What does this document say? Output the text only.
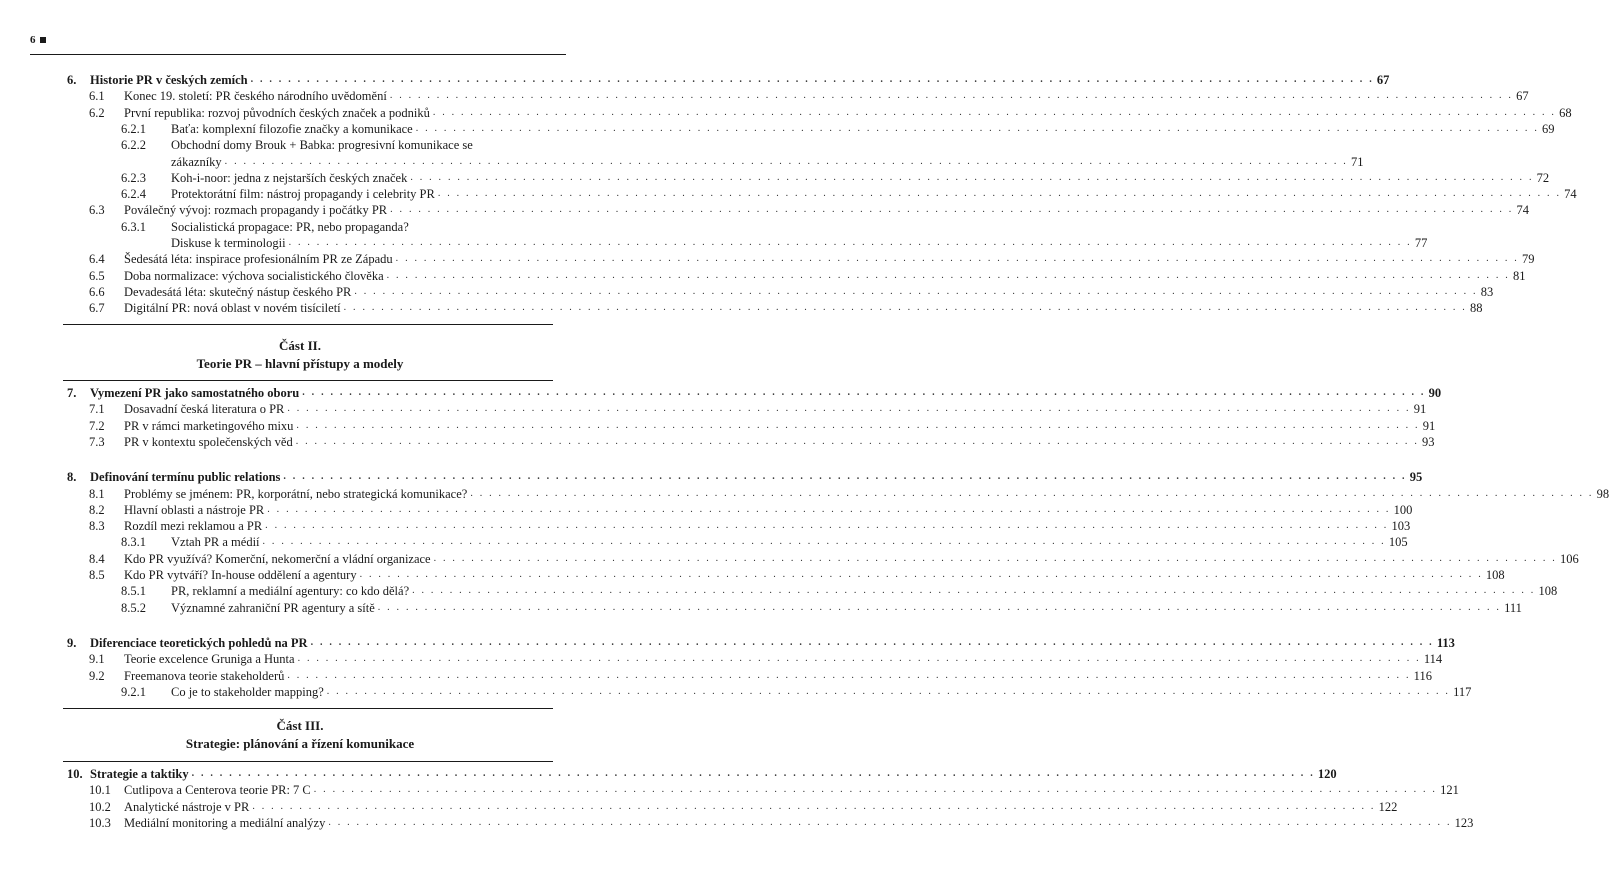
6
6. Historie PR v českých zemích . . . . . . . . . . . . . . . . . . . . . . . . . . . . . . . . . . . . . . . . . . . . . . . . . . . . . . . . . . . . . . . . . . . . . . . . . . . . . . . . . . . . . . . . . . . . . . . . . . . . . . . . . . . . . . . . . . . . . . . . 67
6.1 Konec 19. století: PR českého národního uvědomění . . . . . . . . . . . . . . . . . . . . . . . . . . . . . . . . . . . . . . . . . . . . . . . . . . . . . . . . . . . . . . . . . . . . . . . . . . . . . . . . . . . . . . . . . . . . . . . . . . . . . . . . . . . . . . . . . . . . . . . . 67
6.2 První republika: rozvoj původních českých značek a podniků . . . . . . . . . . . . . . . . . . . . . . . . . . . . . . . . . . . . . . . . . . . . . . . . . . . . . . . . . . . . . . . . . . . . . . . . . . . . . . . . . . . . . . . . . . . . . . . . . . . . . . . . . . . . . . . . . . . . . . . . 68
6.2.1 Baťa: komplexní filozofie značky a komunikace . . . . . . . . . . . . . . . . . . . . . . . . . . . . . . . . . . . . . . . . . . . . . . . . . . . . . . . . . . . . . . . . . . . . . . . . . . . . . . . . . . . . . . . . . . . . . . . . . . . . . . . . . . . . . . . . . . . . . . . . 69
6.2.2 Obchodní domy Brouk + Babka: progresivní komunikace se
zákazníky . . . . . . . . . . . . . . . . . . . . . . . . . . . . . . . . . . . . . . . . . . . . . . . . . . . . . . . . . . . . . . . . . . . . . . . . . . . . . . . . . . . . . . . . . . . . . . . . . . . . . . . . . . . . . . . . . . . . . . . . 71
6.2.3 Koh-i-noor: jedna z nejstarších českých značek . . . . . . . . . . . . . . . . . . . . . . . . . . . . . . . . . . . . . . . . . . . . . . . . . . . . . . . . . . . . . . . . . . . . . . . . . . . . . . . . . . . . . . . . . . . . . . . . . . . . . . . . . . . . . . . . . . . . . . . . 72
6.2.4 Protektorátní film: nástroj propagandy i celebrity PR . . . . . . . . . . . . . . . . . . . . . . . . . . . . . . . . . . . . . . . . . . . . . . . . . . . . . . . . . . . . . . . . . . . . . . . . . . . . . . . . . . . . . . . . . . . . . . . . . . . . . . . . . . . . . . . . . . . . . . . . 74
6.3 Poválečný vývoj: rozmach propagandy i počátky PR . . . . . . . . . . . . . . . . . . . . . . . . . . . . . . . . . . . . . . . . . . . . . . . . . . . . . . . . . . . . . . . . . . . . . . . . . . . . . . . . . . . . . . . . . . . . . . . . . . . . . . . . . . . . . . . . . . . . . . . . 74
6.3.1 Socialistická propagace: PR, nebo propaganda?
Diskuse k terminologii . . . . . . . . . . . . . . . . . . . . . . . . . . . . . . . . . . . . . . . . . . . . . . . . . . . . . . . . . . . . . . . . . . . . . . . . . . . . . . . . . . . . . . . . . . . . . . . . . . . . . . . . . . . . . . . . . . . . . . . . 77
6.4 Šedesátá léta: inspirace profesionálním PR ze Západu . . . . . . . . . . . . . . . . . . . . . . . . . . . . . . . . . . . . . . . . . . . . . . . . . . . . . . . . . . . . . . . . . . . . . . . . . . . . . . . . . . . . . . . . . . . . . . . . . . . . . . . . . . . . . . . . . . . . . . . . 79
6.5 Doba normalizace: výchova socialistického člověka . . . . . . . . . . . . . . . . . . . . . . . . . . . . . . . . . . . . . . . . . . . . . . . . . . . . . . . . . . . . . . . . . . . . . . . . . . . . . . . . . . . . . . . . . . . . . . . . . . . . . . . . . . . . . . . . . . . . . . . . 81
6.6 Devadesátá léta: skutečný nástup českého PR . . . . . . . . . . . . . . . . . . . . . . . . . . . . . . . . . . . . . . . . . . . . . . . . . . . . . . . . . . . . . . . . . . . . . . . . . . . . . . . . . . . . . . . . . . . . . . . . . . . . . . . . . . . . . . . . . . . . . . . . 83
6.7 Digitální PR: nová oblast v novém tisíciletí . . . . . . . . . . . . . . . . . . . . . . . . . . . . . . . . . . . . . . . . . . . . . . . . . . . . . . . . . . . . . . . . . . . . . . . . . . . . . . . . . . . . . . . . . . . . . . . . . . . . . . . . . . . . . . . . . . . . . . . . 88
Část II.
Teorie PR – hlavní přístupy a modely
7. Vymezení PR jako samostatného oboru . . . . . . . . . . . . . . . . . . . . . . . . . . . . . . . . . . . . . . . . . . . . . . . . . . . . . . . . . . . . . . . . . . . . . . . . . . . . . . . . . . . . . . . . . . . . . . . . . . . . . . . . . . . . . . . . . . . . . . . . 90
7.1 Dosavadní česká literatura o PR . . . . . . . . . . . . . . . . . . . . . . . . . . . . . . . . . . . . . . . . . . . . . . . . . . . . . . . . . . . . . . . . . . . . . . . . . . . . . . . . . . . . . . . . . . . . . . . . . . . . . . . . . . . . . . . . . . . . . . . . 91
7.2 PR v rámci marketingového mixu . . . . . . . . . . . . . . . . . . . . . . . . . . . . . . . . . . . . . . . . . . . . . . . . . . . . . . . . . . . . . . . . . . . . . . . . . . . . . . . . . . . . . . . . . . . . . . . . . . . . . . . . . . . . . . . . . . . . . . . . 91
7.3 PR v kontextu společenských věd . . . . . . . . . . . . . . . . . . . . . . . . . . . . . . . . . . . . . . . . . . . . . . . . . . . . . . . . . . . . . . . . . . . . . . . . . . . . . . . . . . . . . . . . . . . . . . . . . . . . . . . . . . . . . . . . . . . . . . . . 93
8. Definování termínu public relations . . . . . . . . . . . . . . . . . . . . . . . . . . . . . . . . . . . . . . . . . . . . . . . . . . . . . . . . . . . . . . . . . . . . . . . . . . . . . . . . . . . . . . . . . . . . . . . . . . . . . . . . . . . . . . . . . . . . . . . . 95
8.1 Problémy se jménem: PR, korporátní, nebo strategická komunikace? . . . . . . . . . . . . . . . . . . . . . . . . . . . . . . . . . . . . . . . . . . . . . . . . . . . . . . . . . . . . . . . . . . . . . . . . . . . . . . . . . . . . . . . . . . . . . . . . . . . . . . . . . . . . . . . . . . . . . . . . 98
8.2 Hlavní oblasti a nástroje PR . . . . . . . . . . . . . . . . . . . . . . . . . . . . . . . . . . . . . . . . . . . . . . . . . . . . . . . . . . . . . . . . . . . . . . . . . . . . . . . . . . . . . . . . . . . . . . . . . . . . . . . . . . . . . . . . . . . . . . . . 100
8.3 Rozdíl mezi reklamou a PR . . . . . . . . . . . . . . . . . . . . . . . . . . . . . . . . . . . . . . . . . . . . . . . . . . . . . . . . . . . . . . . . . . . . . . . . . . . . . . . . . . . . . . . . . . . . . . . . . . . . . . . . . . . . . . . . . . . . . . . . 103
8.3.1 Vztah PR a médií . . . . . . . . . . . . . . . . . . . . . . . . . . . . . . . . . . . . . . . . . . . . . . . . . . . . . . . . . . . . . . . . . . . . . . . . . . . . . . . . . . . . . . . . . . . . . . . . . . . . . . . . . . . . . . . . . . . . . . . . 105
8.4 Kdo PR využívá? Komerční, nekomerční a vládní organizace . . . . . . . . . . . . . . . . . . . . . . . . . . . . . . . . . . . . . . . . . . . . . . . . . . . . . . . . . . . . . . . . . . . . . . . . . . . . . . . . . . . . . . . . . . . . . . . . . . . . . . . . . . . . . . . . . . . . . . . . 106
8.5 Kdo PR vytváří? In-house oddělení a agentury . . . . . . . . . . . . . . . . . . . . . . . . . . . . . . . . . . . . . . . . . . . . . . . . . . . . . . . . . . . . . . . . . . . . . . . . . . . . . . . . . . . . . . . . . . . . . . . . . . . . . . . . . . . . . . . . . . . . . . . . 108
8.5.1 PR, reklamní a mediální agentury: co kdo dělá? . . . . . . . . . . . . . . . . . . . . . . . . . . . . . . . . . . . . . . . . . . . . . . . . . . . . . . . . . . . . . . . . . . . . . . . . . . . . . . . . . . . . . . . . . . . . . . . . . . . . . . . . . . . . . . . . . . . . . . . . 108
8.5.2 Významné zahraniční PR agentury a sítě . . . . . . . . . . . . . . . . . . . . . . . . . . . . . . . . . . . . . . . . . . . . . . . . . . . . . . . . . . . . . . . . . . . . . . . . . . . . . . . . . . . . . . . . . . . . . . . . . . . . . . . . . . . . . . . . . . . . . . . . 111
9. Diferenciace teoretických pohledů na PR . . . . . . . . . . . . . . . . . . . . . . . . . . . . . . . . . . . . . . . . . . . . . . . . . . . . . . . . . . . . . . . . . . . . . . . . . . . . . . . . . . . . . . . . . . . . . . . . . . . . . . . . . . . . . . . . . . . . . . . . 113
9.1 Teorie excelence Gruniga a Hunta . . . . . . . . . . . . . . . . . . . . . . . . . . . . . . . . . . . . . . . . . . . . . . . . . . . . . . . . . . . . . . . . . . . . . . . . . . . . . . . . . . . . . . . . . . . . . . . . . . . . . . . . . . . . . . . . . . . . . . . . 114
9.2 Freemanova teorie stakeholderů . . . . . . . . . . . . . . . . . . . . . . . . . . . . . . . . . . . . . . . . . . . . . . . . . . . . . . . . . . . . . . . . . . . . . . . . . . . . . . . . . . . . . . . . . . . . . . . . . . . . . . . . . . . . . . . . . . . . . . . . 116
9.2.1 Co je to stakeholder mapping? . . . . . . . . . . . . . . . . . . . . . . . . . . . . . . . . . . . . . . . . . . . . . . . . . . . . . . . . . . . . . . . . . . . . . . . . . . . . . . . . . . . . . . . . . . . . . . . . . . . . . . . . . . . . . . . . . . . . . . . . 117
Část III.
Strategie: plánování a řízení komunikace
10. Strategie a taktiky . . . . . . . . . . . . . . . . . . . . . . . . . . . . . . . . . . . . . . . . . . . . . . . . . . . . . . . . . . . . . . . . . . . . . . . . . . . . . . . . . . . . . . . . . . . . . . . . . . . . . . . . . . . . . . . . . . . . . . . . 120
10.1 Cutlipova a Centerova teorie PR: 7 C . . . . . . . . . . . . . . . . . . . . . . . . . . . . . . . . . . . . . . . . . . . . . . . . . . . . . . . . . . . . . . . . . . . . . . . . . . . . . . . . . . . . . . . . . . . . . . . . . . . . . . . . . . . . . . . . . . . . . . . . 121
10.2 Analytické nástroje v PR . . . . . . . . . . . . . . . . . . . . . . . . . . . . . . . . . . . . . . . . . . . . . . . . . . . . . . . . . . . . . . . . . . . . . . . . . . . . . . . . . . . . . . . . . . . . . . . . . . . . . . . . . . . . . . . . . . . . . . . . 122
10.3 Mediální monitoring a mediální analýzy . . . . . . . . . . . . . . . . . . . . . . . . . . . . . . . . . . . . . . . . . . . . . . . . . . . . . . . . . . . . . . . . . . . . . . . . . . . . . . . . . . . . . . . . . . . . . . . . . . . . . . . . . . . . . . . . . . . . . . . . 123
